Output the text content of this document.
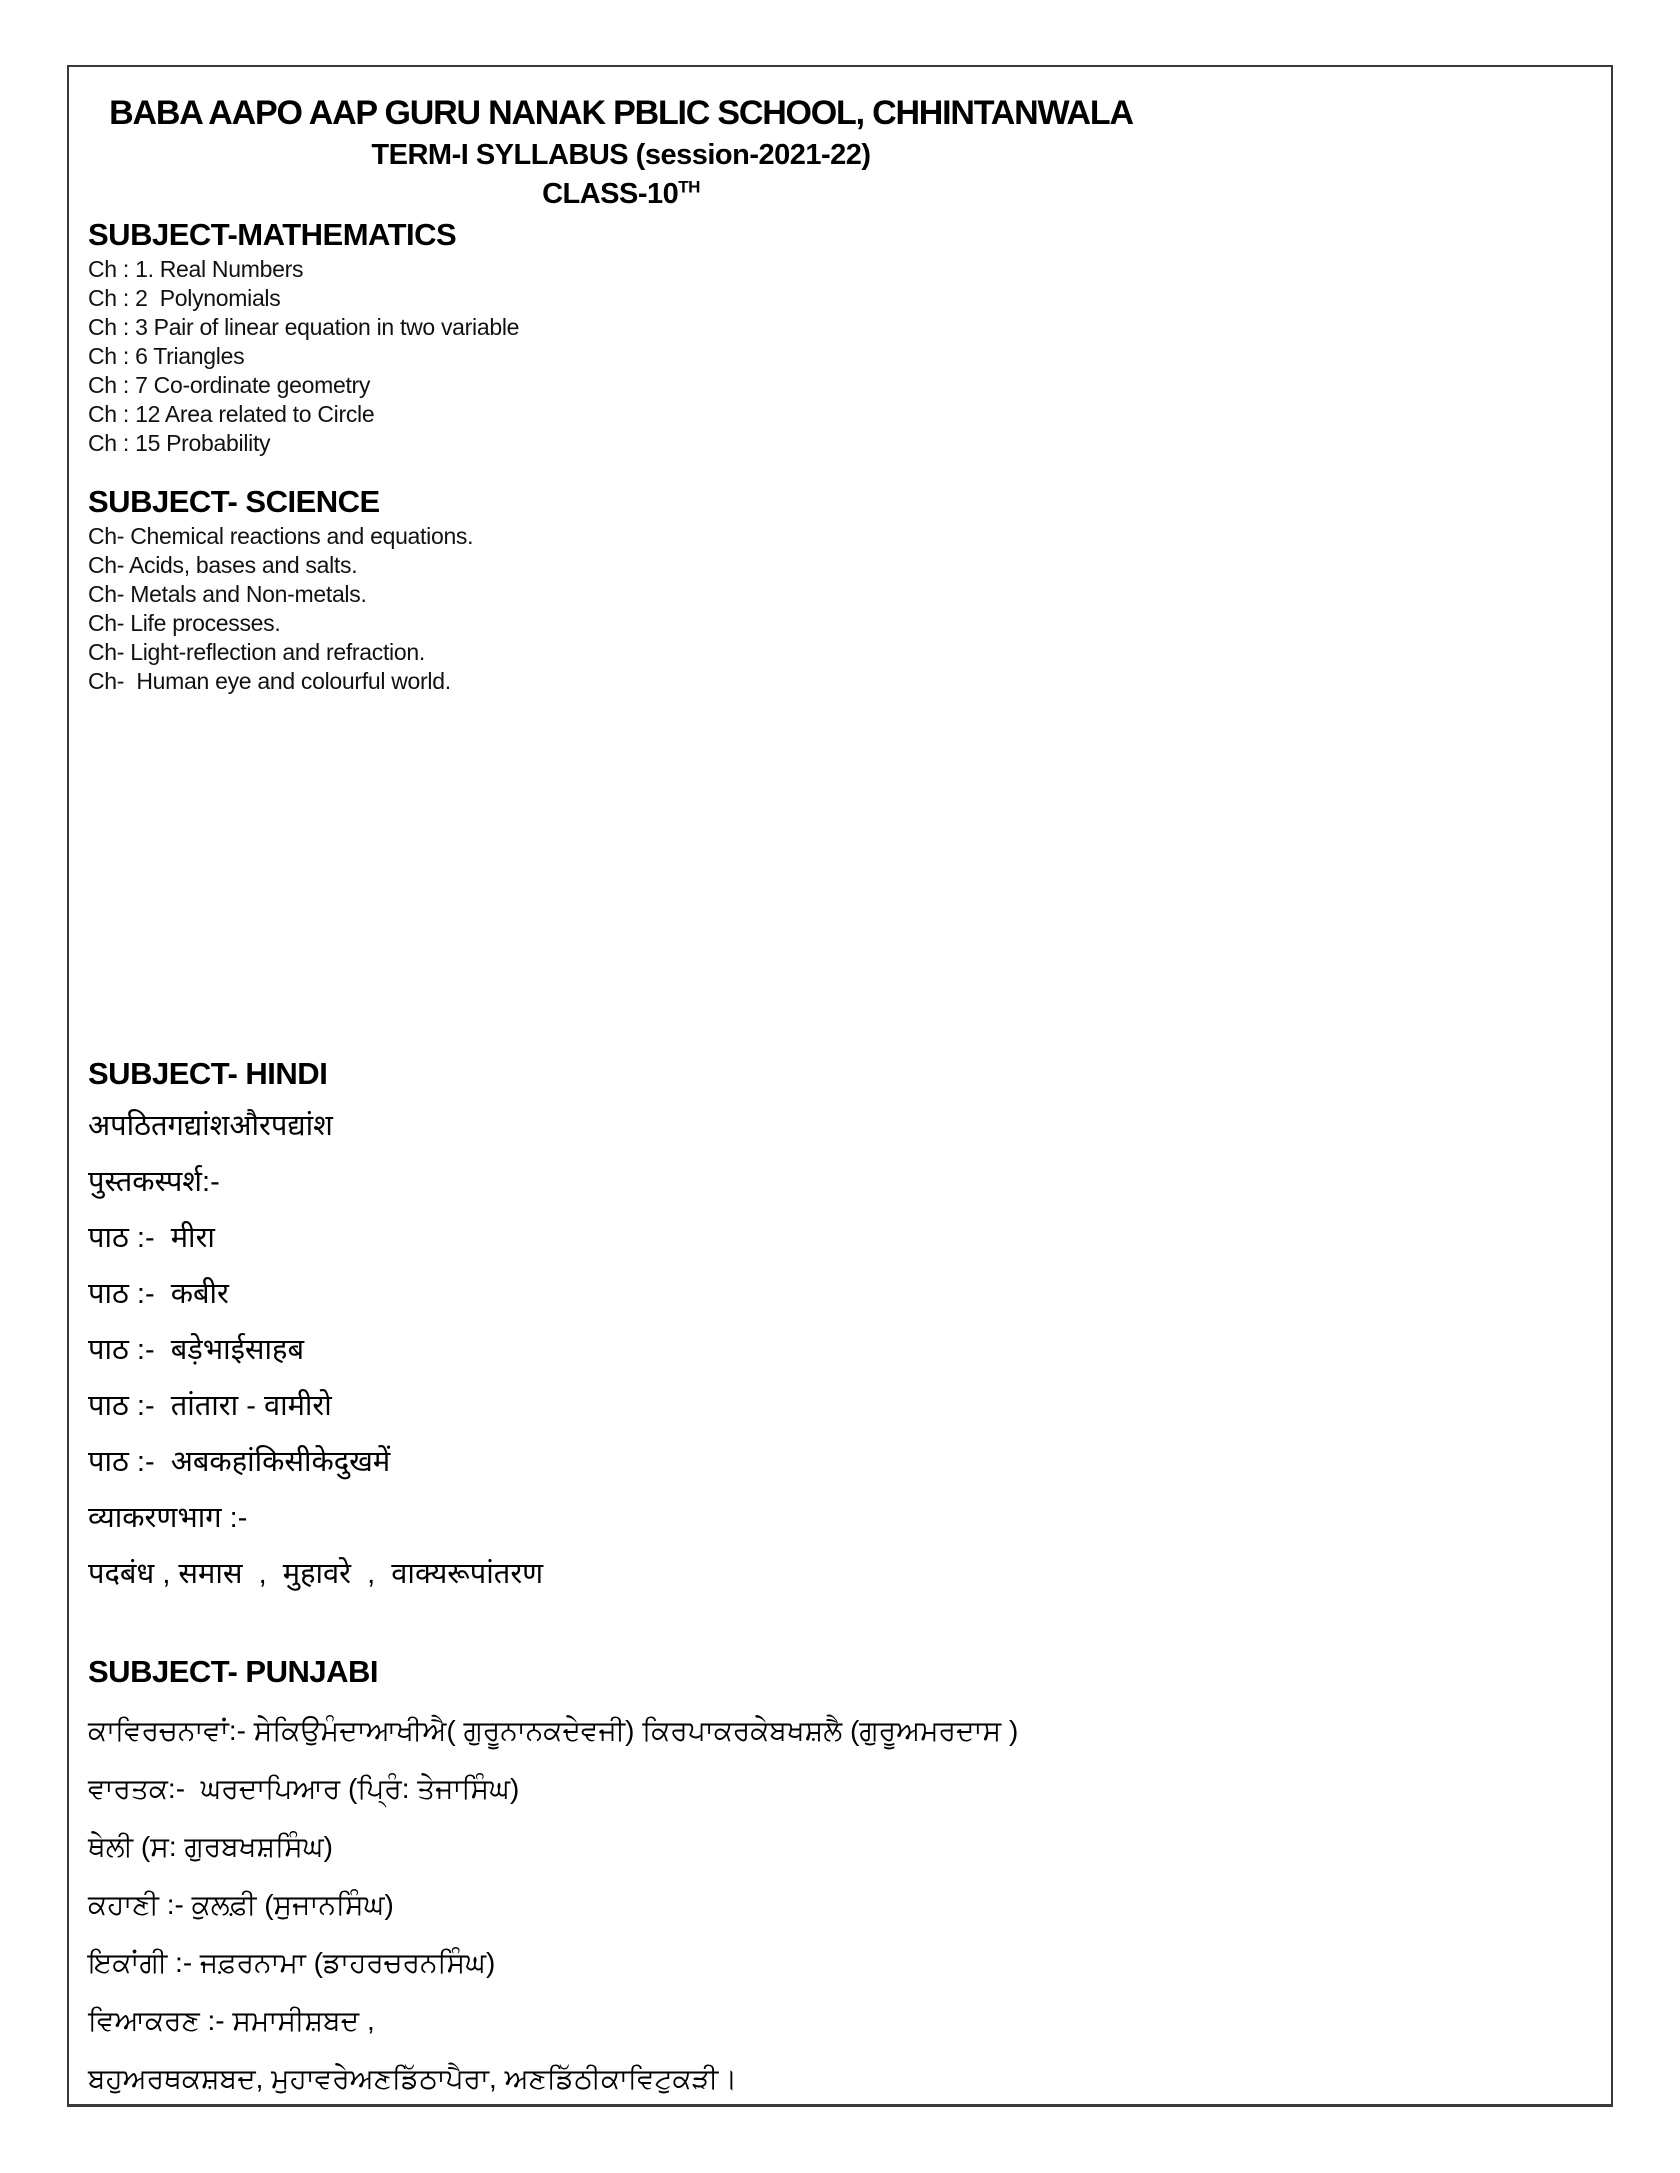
BABA AAPO AAP GURU NANAK PBLIC SCHOOL, CHHINTANWALA

TERM-I SYLLABUS (session-2021-22)

CLASS-10TH

SUBJECT-MATHEMATICS

Ch : 1. Real Numbers

Ch : 2  Polynomials

Ch : 3 Pair of linear equation in two variable

Ch : 6 Triangles

Ch : 7 Co-ordinate geometry

Ch : 12 Area related to Circle

Ch : 15 Probability

SUBJECT- SCIENCE

Ch- Chemical reactions and equations.

Ch- Acids, bases and salts.

Ch- Metals and Non-metals.

Ch- Life processes.

Ch- Light-reflection and refraction.

Ch-  Human eye and colourful world.

SUBJECT- HINDI

अपठितगद्यांशऔरपद्यांश

पुस्तकस्पर्श:-

पाठ :-  मीरा

पाठ :-  कबीर

पाठ :-  बड़ेभाईसाहब

पाठ :-  तांतारा - वामीरो

पाठ :-  अबकहांकिसीकेदुखमें

व्याकरणभाग :-

पदबंध , समास  ,  मुहावरे  ,  वाक्यरूपांतरण

SUBJECT- PUNJABI

ਕਾਵਿਰਚਨਾਵਾਂ:- ਸੇਕਿਉਮੰਦਾਆਖੀਐ( ਗੁਰੂਨਾਨਕਦੇਵਜੀ) ਕਿਰਪਾਕਰਕੇਬਖਸ਼ਲੈ (ਗੁਰੂਅਮਰਦਾਸ )

ਵਾਰਤਕ:-  ਘਰਦਾਪਿਆਰ (ਪ੍ਰਿੰ: ਤੇਜਾਸਿੰਘ)

ਥੇਲੀ (ਸ: ਗੁਰਬਖਸ਼ਸਿੰਘ)

ਕਹਾਣੀ :- ਕੁਲਫ਼ੀ (ਸੁਜਾਨਸਿੰਘ)

ਇਕਾਂਗੀ :- ਜਫ਼ਰਨਾਮਾ (ਡਾਹਰਚਰਨਸਿੰਘ)

ਵਿਆਕਰਣ :- ਸਮਾਸੀਸ਼ਬਦ ,

ਬਹੁਅਰਥਕਸ਼ਬਦ, ਮੁਹਾਵਰੇਅਣਡਿੱਠਾਪੈਰਾ, ਅਣਡਿੱਠੀਕਾਵਿਟੁਕੜੀ।
